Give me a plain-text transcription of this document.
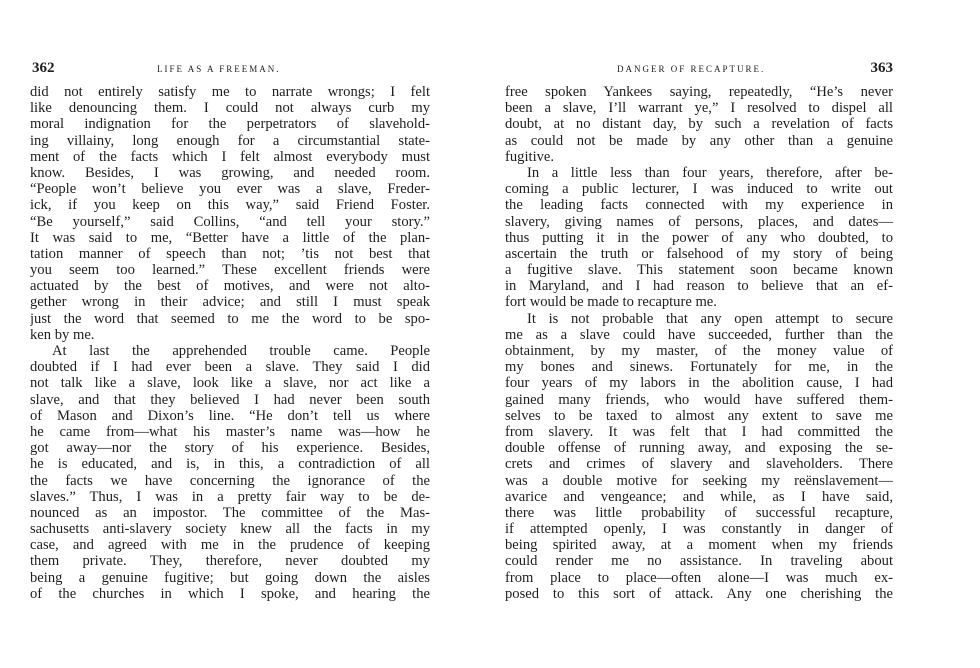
362	LIFE AS A FREEMAN.
did not entirely satisfy me to narrate wrongs; I felt
like denouncing them. I could not always curb my
moral indignation for the perpetrators of slavehold-
ing villainy, long enough for a circumstantial state-
ment of the facts which I felt almost everybody must
know. Besides, I was growing, and needed room.
“People won’t believe you ever was a slave, Freder-
ick, if you keep on this way,” said Friend Foster.
“Be yourself,” said Collins, “and tell your story.”
It was said to me, “Better have a little of the plan-
tation manner of speech than not; ’tis not best that
you seem too learned.” These excellent friends were
actuated by the best of motives, and were not alto-
gether wrong in their advice; and still I must speak
just the word that seemed to me the word to be spo-
ken by me.
At last the apprehended trouble came. People
doubted if I had ever been a slave. They said I did
not talk like a slave, look like a slave, nor act like a
slave, and that they believed I had never been south
of Mason and Dixon’s line. “He don’t tell us where
he came from—what his master’s name was—how he
got away—nor the story of his experience. Besides,
he is educated, and is, in this, a contradiction of all
the facts we have concerning the ignorance of the
slaves.” Thus, I was in a pretty fair way to be de-
nounced as an impostor. The committee of the Mas-
sachusetts anti-slavery society knew all the facts in my
case, and agreed with me in the prudence of keeping
them private. They, therefore, never doubted my
being a genuine fugitive; but going down the aisles
of the churches in which I spoke, and hearing the
DANGER OF RECAPTURE.	363
free spoken Yankees saying, repeatedly, “He’s never
been a slave, I’ll warrant ye,” I resolved to dispel all
doubt, at no distant day, by such a revelation of facts
as could not be made by any other than a genuine
fugitive.
In a little less than four years, therefore, after be-
coming a public lecturer, I was induced to write out
the leading facts connected with my experience in
slavery, giving names of persons, places, and dates—
thus putting it in the power of any who doubted, to
ascertain the truth or falsehood of my story of being
a fugitive slave. This statement soon became known
in Maryland, and I had reason to believe that an ef-
fort would be made to recapture me.
It is not probable that any open attempt to secure
me as a slave could have succeeded, further than the
obtainment, by my master, of the money value of
my bones and sinews. Fortunately for me, in the
four years of my labors in the abolition cause, I had
gained many friends, who would have suffered them-
selves to be taxed to almost any extent to save me
from slavery. It was felt that I had committed the
double offense of running away, and exposing the se-
crets and crimes of slavery and slaveholders. There
was a double motive for seeking my reënslavement—
avarice and vengeance; and while, as I have said,
there was little probability of successful recapture,
if attempted openly, I was constantly in danger of
being spirited away, at a moment when my friends
could render me no assistance. In traveling about
from place to place—often alone—I was much ex-
posed to this sort of attack. Any one cherishing the
